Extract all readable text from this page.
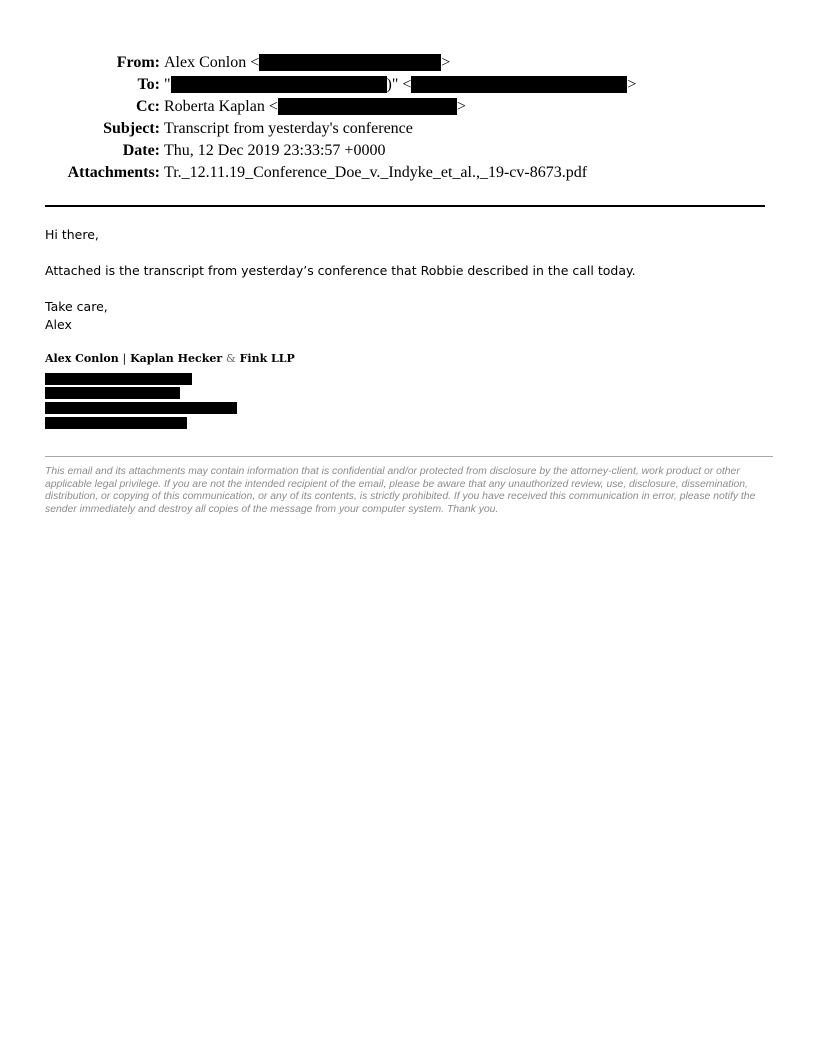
From: Alex Conlon <	>
To: "	)" <	>
Cc: Roberta Kaplan <	>
Subject: Transcript from yesterday's conference
Date: Thu, 12 Dec 2019 23:33:57 +0000
Attachments: Tr._12.11.19_Conference_Doe_v._Indyke_et_al.,_19-cv-8673.pdf

Hi there,

Attached is the transcript from yesterday’s conference that Robbie described in the call today.

Take care,

Alex

Alex Conlon | Kaplan Hecker & Fink LLP
This email and its attachments may contain information that is confidential and/or protected from disclosure by the attorney-client, work product or other applicable legal privilege. If you are not the intended recipient of the email, please be aware that any unauthorized review, use, disclosure, dissemination, distribution, or copying of this communication, or any of its contents, is strictly prohibited. If you have received this communication in error, please notify the sender immediately and destroy all copies of the message from your computer system. Thank you.
